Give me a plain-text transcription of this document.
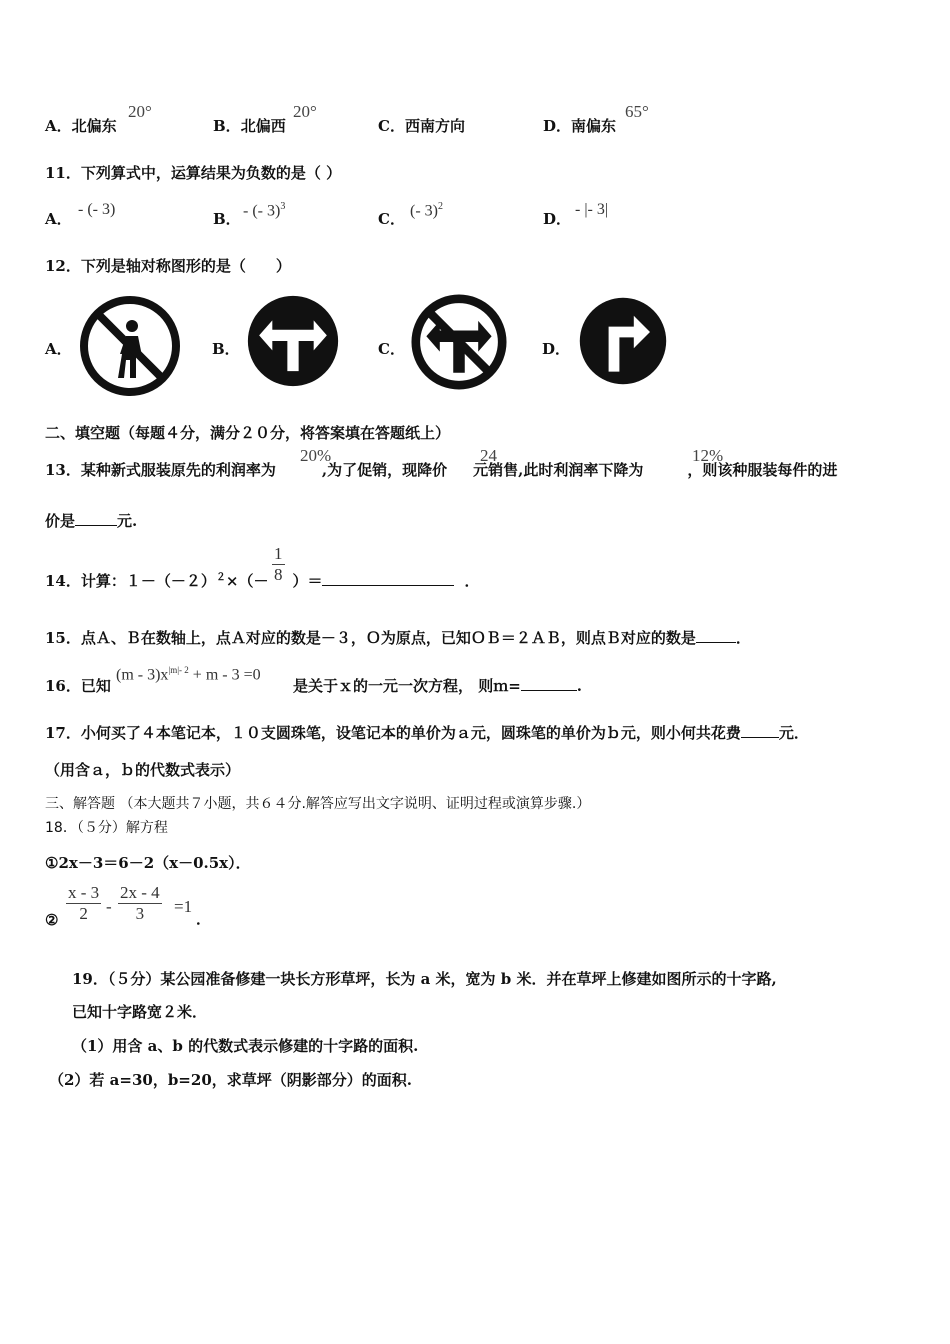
A．北偏东
20°
B．北偏西
20°
C．西南方向	D．南偏东
65°
11．下列算式中，运算结果为负数的是（ ）
A．
- (- 3)
B． - (- 3)$^3$
C． (- 3)$^2$
D．
- |- 3|
12．下列是轴对称图形的是（　　）
A．	B．	C．	D．
二、填空题（每题４分，满分２０分，将答案填在答题纸上）
13．某种新式服装原先的利润率为	,为了促销，现降价 元销售,此时利润率下降为	，则该种服装每件的进
20%	24	12%
价是	元.
14．计算：$1-(-2)^2\times(-$ ）＝	．
$\frac{1}{8}$
15．点Ａ、Ｂ在数轴上，点Ａ对应的数是－３，Ｏ为原点，已知ＯＢ＝２ＡＢ，则点Ｂ对应的数是	．
16．已知
$(m - 3)x^{|m|- 2} + m - 3 =0$
是关于ｘ的一元一次方程， 则ｍ=	.
17．小何买了４本笔记本，１０支圆珠笔，设笔记本的单价为ａ元，圆珠笔的单价为ｂ元，则小何共花费	元．
（用含ａ，ｂ的代数式表示）
三、解答题 （本大题共７小题，共６４分.解答应写出文字说明、证明过程或演算步骤.）
18．（５分）解方程
①2x－3＝6－2（x－0.5x）．
② $\frac{x - 3}{2} - \frac{2x - 4}{3} =1$
．
19．（５分）某公园准备修建一块长方形草坪，长为 a 米，宽为 b 米．并在草坪上修建如图所示的十字路,
已知十字路宽２米．
（1）用含 a、b 的代数式表示修建的十字路的面积.
（2）若 a=30，b=20，求草坪（阴影部分）的面积.
